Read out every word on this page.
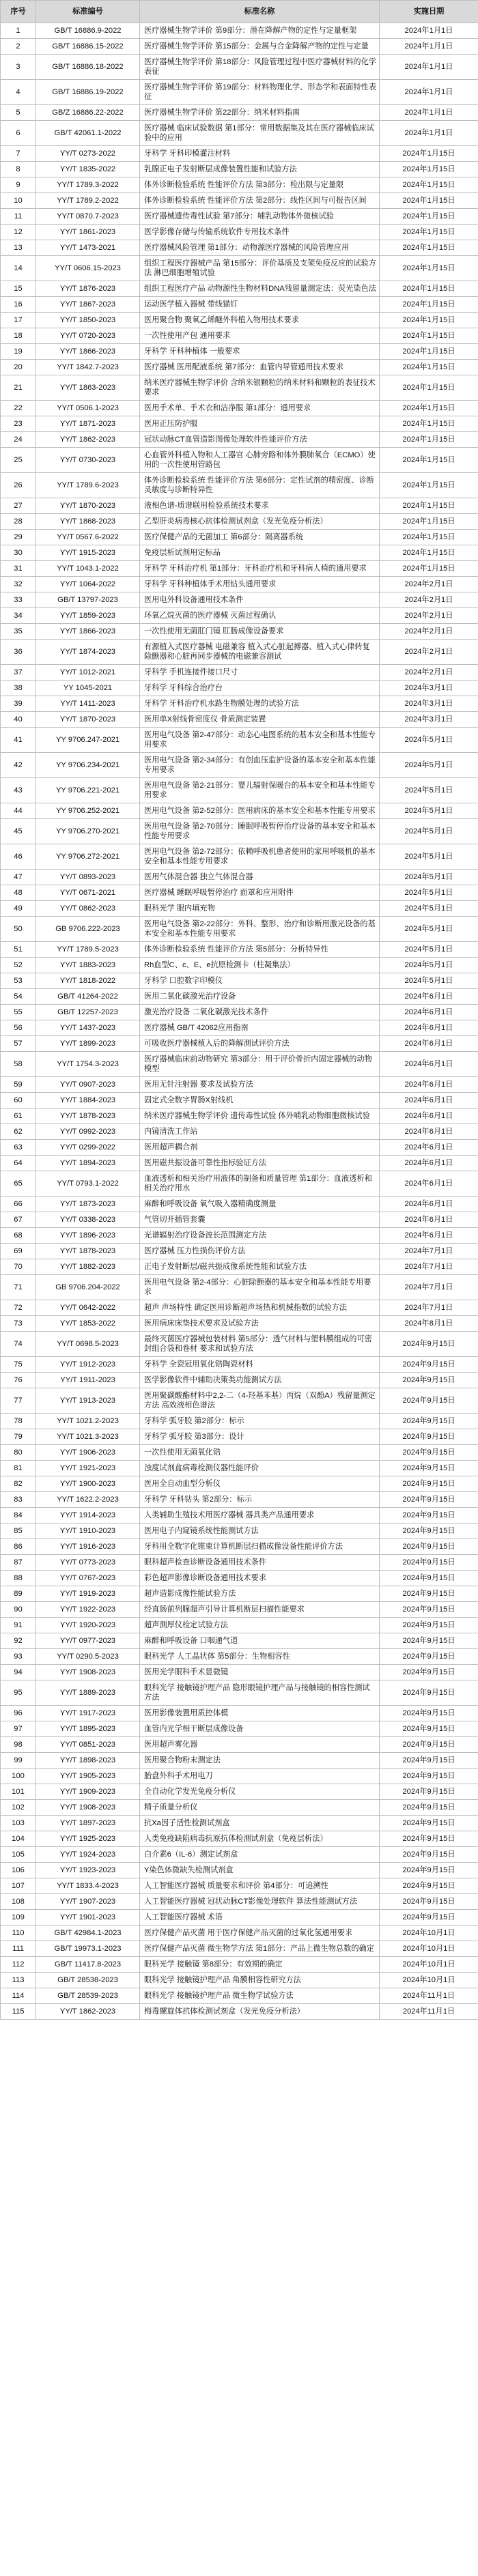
序号	标准编号	标准名称	实施日期
1	GB/T 16886.9-2022	医疗器械生物学评价 第9部分：潜在降解产物的定性与定量框架	2024年1月1日
2	GB/T 16886.15-2022	医疗器械生物学评价 第15部分：金属与合金降解产物的定性与定量	2024年1月1日
3	GB/T 16886.18-2022	医疗器械生物学评价 第18部分：风险管理过程中医疗器械材料的化学表征	2024年1月1日
4	GB/T 16886.19-2022	医疗器械生物学评价 第19部分：材料物理化学、形态学和表面特性表征	2024年1月1日
5	GB/Z 16886.22-2022	医疗器械生物学评价 第22部分：纳米材料指南	2024年1月1日
6	GB/T 42061.1-2022	医疗器械 临床试验数据 第1部分：常用数据集及其在医疗器械临床试验中的应用	2024年1月1日
7	YY/T 0273-2022	牙科学 牙科印模灌注材料	2024年1月15日
8	YY/T 1835-2022	乳腺正电子发射断层成像装置性能和试验方法	2024年1月15日
9	YY/T 1789.3-2022	体外诊断检验系统 性能评价方法 第3部分：检出限与定量限	2024年1月15日
10	YY/T 1789.2-2022	体外诊断检验系统 性能评价方法 第2部分：线性区间与可报告区间	2024年1月15日
11	YY/T 0870.7-2023	医疗器械遗传毒性试验 第7部分：哺乳动物体外微核试验	2024年1月15日
12	YY/T 1861-2023	医学影像存储与传输系统软件专用技术条件	2024年1月15日
13	YY/T 1473-2021	医疗器械风险管理 第1部分：动物源医疗器械的风险管理应用	2024年1月15日
14	YY/T 0606.15-2023	组织工程医疗器械产品 第15部分：评价基质及支架免疫反应的试验方法 淋巴细胞增殖试验	2024年1月15日
15	YY/T 1876-2023	组织工程医疗产品 动物源性生物材料DNA残留量测定法：荧光染色法	2024年1月15日
16	YY/T 1867-2023	运动医学植入器械 带线锚钉	2024年1月15日
17	YY/T 1850-2023	医用聚合物 聚氧乙烯醚外科植入物用技术要求	2024年1月15日
18	YY/T 0720-2023	一次性使用产包 通用要求	2024年1月15日
19	YY/T 1866-2023	牙科学 牙科种植体 一般要求	2024年1月15日
20	YY/T 1842.7-2023	医疗器械 医用配液系统 第7部分：血管内导管通用技术要求	2024年1月15日
21	YY/T 1863-2023	纳米医疗器械生物学评价 含纳米银颗粒的纳米材料和颗粒的表征技术要求	2024年1月15日
22	YY/T 0506.1-2023	医用手术单、手术衣和洁净服 第1部分：通用要求	2024年1月15日
23	YY/T 1871-2023	医用正压防护服	2024年1月15日
24	YY/T 1862-2023	冠状动脉CT血管造影图像处理软件性能评价方法	2024年1月15日
25	YY/T 0730-2023	心血管外科植入物和人工器官 心肺旁路和体外膜肺氧合（ECMO）使用的一次性使用管路包	2024年1月15日
26	YY/T 1789.6-2023	体外诊断检验系统 性能评价方法 第6部分：定性试剂的精密度、诊断灵敏度与诊断特异性	2024年1月15日
27	YY/T 1870-2023	液相色谱-质谱联用检验系统技术要求	2024年1月15日
28	YY/T 1868-2023	乙型肝炎病毒核心抗体检测试剂盒（发光免疫分析法）	2024年1月15日
29	YY/T 0567.6-2022	医疗保健产品的无菌加工 第6部分：隔离器系统	2024年1月15日
30	YY/T 1915-2023	免疫层析试剂用定标品	2024年1月15日
31	YY/T 1043.1-2022	牙科学 牙科治疗机 第1部分：牙科治疗机和牙科病人椅的通用要求	2024年1月15日
32	YY/T 1064-2022	牙科学 牙科种植体手术用钻头通用要求	2024年2月1日
33	GB/T 13797-2023	医用电外科设备通用技术条件	2024年2月1日
34	YY/T 1859-2023	环氧乙烷灭菌的医疗器械 灭菌过程确认	2024年2月1日
35	YY/T 1866-2023	一次性使用无菌肛门镜 肛肠成像设备要求	2024年2月1日
36	YY/T 1874-2023	有源植入式医疗器械 电磁兼容 植入式心脏起搏器、植入式心律转复除颤器和心脏再同步器械的电磁兼容测试	2024年2月1日
37	YY/T 1012-2021	牙科学 手机连接件接口尺寸	2024年2月1日
38	YY 1045-2021	牙科学 牙科综合治疗台	2024年3月1日
39	YY/T 1411-2023	牙科学 牙科治疗机水路生物膜处理的试验方法	2024年3月1日
40	YY/T 1870-2023	医用单X射线骨密度仪 骨质测定装置	2024年3月1日
41	YY 9706.247-2021	医用电气设备 第2-47部分：动态心电图系统的基本安全和基本性能专用要求	2024年5月1日
42	YY 9706.234-2021	医用电气设备 第2-34部分：有创血压监护设备的基本安全和基本性能专用要求	2024年5月1日
43	YY 9706.221-2021	医用电气设备 第2-21部分：婴儿辐射保暖台的基本安全和基本性能专用要求	2024年5月1日
44	YY 9706.252-2021	医用电气设备 第2-52部分：医用病床的基本安全和基本性能专用要求	2024年5月1日
45	YY 9706.270-2021	医用电气设备 第2-70部分：睡眠呼吸暂停治疗设备的基本安全和基本性能专用要求	2024年5月1日
46	YY 9706.272-2021	医用电气设备 第2-72部分：依赖呼吸机患者使用的家用呼吸机的基本安全和基本性能专用要求	2024年5月1日
47	YY/T 0893-2023	医用气体混合器 独立气体混合器	2024年5月1日
48	YY/T 0671-2021	医疗器械 睡眠呼吸暂停治疗 面罩和应用附件	2024年5月1日
49	YY/T 0862-2023	眼科光学 眼内填充物	2024年5月1日
50	GB 9706.222-2023	医用电气设备 第2-22部分：外科、整形、治疗和诊断用激光设备的基本安全和基本性能专用要求	2024年5月1日
51	YY/T 1789.5-2023	体外诊断检验系统 性能评价方法 第5部分：分析特异性	2024年5月1日
52	YY/T 1883-2023	Rh血型C、c、E、e抗原检测卡（柱凝集法）	2024年5月1日
53	YY/T 1818-2022	牙科学 口腔数字印模仪	2024年5月1日
54	GB/T 41264-2022	医用二氧化碳激光治疗设备	2024年6月1日
55	GB/T 12257-2023	激光治疗设备 二氧化碳激光技术条件	2024年6月1日
56	YY/T 1437-2023	医疗器械 GB/T 42062应用指南	2024年6月1日
57	YY/T 1899-2023	可吸收医疗器械植入后的降解测试评价方法	2024年6月1日
58	YY/T 1754.3-2023	医疗器械临床前动物研究 第3部分：用于评价骨折内固定器械的动物模型	2024年6月1日
59	YY/T 0907-2023	医用无针注射器 要求及试验方法	2024年6月1日
60	YY/T 1884-2023	固定式全数字胃肠X射线机	2024年6月1日
61	YY/T 1878-2023	纳米医疗器械生物学评价 遗传毒性试验 体外哺乳动物细胞微核试验	2024年6月1日
62	YY/T 0992-2023	内镜清洗工作站	2024年6月1日
63	YY/T 0299-2022	医用超声耦合剂	2024年6月1日
64	YY/T 1894-2023	医用磁共振设备可靠性指标验证方法	2024年6月1日
65	YY/T 0793.1-2022	血液透析和相关治疗用液体的制备和质量管理 第1部分：血液透析和相关治疗用水	2024年6月1日
66	YY/T 1873-2023	麻醉和呼吸设备 氧气吸入器精确度测量	2024年6月1日
67	YY/T 0338-2023	气管切开插管套囊	2024年6月1日
68	YY/T 1896-2023	光谱辐射治疗设备波长范围测定方法	2024年6月1日
69	YY/T 1878-2023	医疗器械 压力性损伤评价方法	2024年7月1日
70	YY/T 1882-2023	正电子发射断层/磁共振成像系统性能和试验方法	2024年7月1日
71	GB 9706.204-2022	医用电气设备 第2-4部分：心脏除颤器的基本安全和基本性能专用要求	2024年7月1日
72	YY/T 0642-2022	超声 声场特性 确定医用诊断超声场热和机械指数的试验方法	2024年7月1日
73	YY/T 1853-2022	医用病床床垫技术要求及试验方法	2024年8月1日
74	YY/T 0698.5-2023	最终灭菌医疗器械包装材料 第5部分：透气材料与塑料膜组成的可密封组合袋和卷材 要求和试验方法	2024年9月15日
75	YY/T 1912-2023	牙科学 全瓷冠用氧化锆陶瓷材料	2024年9月15日
76	YY/T 1911-2023	医学影像软件中辅助决策类功能测试方法	2024年9月15日
77	YY/T 1913-2023	医用聚碳酸酯材料中2,2-二（4-羟基苯基）丙烷（双酚A）残留量测定方法 高效液相色谱法	2024年9月15日
78	YY/T 1021.2-2023	牙科学 弧牙胶 第2部分：标示	2024年9月15日
79	YY/T 1021.3-2023	牙科学 弧牙胶 第3部分：设计	2024年9月15日
80	YY/T 1906-2023	一次性使用无菌氧化锆	2024年9月15日
81	YY/T 1921-2023	浊度试剂盒病毒检测仪器性能评价	2024年9月15日
82	YY/T 1900-2023	医用全自动血型分析仪	2024年9月15日
83	YY/T 1622.2-2023	牙科学 牙科钻头 第2部分：标示	2024年9月15日
84	YY/T 1914-2023	人类辅助生殖技术用医疗器械 器具类产品通用要求	2024年9月15日
85	YY/T 1910-2023	医用电子内窥镜系统性能测试方法	2024年9月15日
86	YY/T 1916-2023	牙科用全数字化锥束计算机断层扫描成像设备性能评价方法	2024年9月15日
87	YY/T 0773-2023	眼科超声检查诊断设备通用技术条件	2024年9月15日
88	YY/T 0767-2023	彩色超声影像诊断设备通用技术要求	2024年9月15日
89	YY/T 1919-2023	超声造影成像性能试验方法	2024年9月15日
90	YY/T 1922-2023	经直肠前列腺超声引导计算机断层扫描性能要求	2024年9月15日
91	YY/T 1920-2023	超声测厚仪检定试验方法	2024年9月15日
92	YY/T 0977-2023	麻醉和呼吸设备 口咽通气道	2024年9月15日
93	YY/T 0290.5-2023	眼科光学 人工晶状体 第5部分：生物相容性	2024年9月15日
94	YY/T 1908-2023	医用光学眼科手术显微镜	2024年9月15日
95	YY/T 1889-2023	眼科光学 接触镜护理产品 隐形眼镜护理产品与接触镜的相容性测试方法	2024年9月15日
96	YY/T 1917-2023	医用影像装置用质控体模	2024年9月15日
97	YY/T 1895-2023	血管内光学相干断层成像设备	2024年9月15日
98	YY/T 0851-2023	医用超声雾化器	2024年9月15日
99	YY/T 1898-2023	医用聚合物粉末测定法	2024年9月15日
100	YY/T 1905-2023	胎盘外科手术用电刀	2024年9月15日
101	YY/T 1909-2023	全自动化学发光免疫分析仪	2024年9月15日
102	YY/T 1908-2023	精子质量分析仪	2024年9月15日
103	YY/T 1897-2023	抗Xa因子活性检测试剂盒	2024年9月15日
104	YY/T 1925-2023	人类免疫缺陷病毒抗原抗体检测试剂盒（免疫层析法）	2024年9月15日
105	YY/T 1924-2023	白介素6（IL-6）测定试剂盒	2024年9月15日
106	YY/T 1923-2023	Y染色体微缺失检测试剂盒	2024年9月15日
107	YY/T 1833.4-2023	人工智能医疗器械 质量要求和评价 第4部分：可追溯性	2024年9月15日
108	YY/T 1907-2023	人工智能医疗器械 冠状动脉CT影像处理软件 算法性能测试方法	2024年9月15日
109	YY/T 1901-2023	人工智能医疗器械 术语	2024年9月15日
110	GB/T 42984.1-2023	医疗保健产品灭菌 用于医疗保健产品灭菌的过氧化氢通用要求	2024年10月1日
111	GB/T 19973.1-2023	医疗保健产品灭菌 微生物学方法 第1部分：产品上微生物总数的确定	2024年10月1日
112	GB/T 11417.8-2023	眼科光学 接触镜 第8部分：有效期的确定	2024年10月1日
113	GB/T 28538-2023	眼科光学 接触镜护理产品 角膜相容性研究方法	2024年10月1日
114	GB/T 28539-2023	眼科光学 接触镜护理产品 微生物学试验方法	2024年11月1日
115	YY/T 1862-2023	梅毒螺旋体抗体检测试剂盒（发光免疫分析法）	2024年11月1日
